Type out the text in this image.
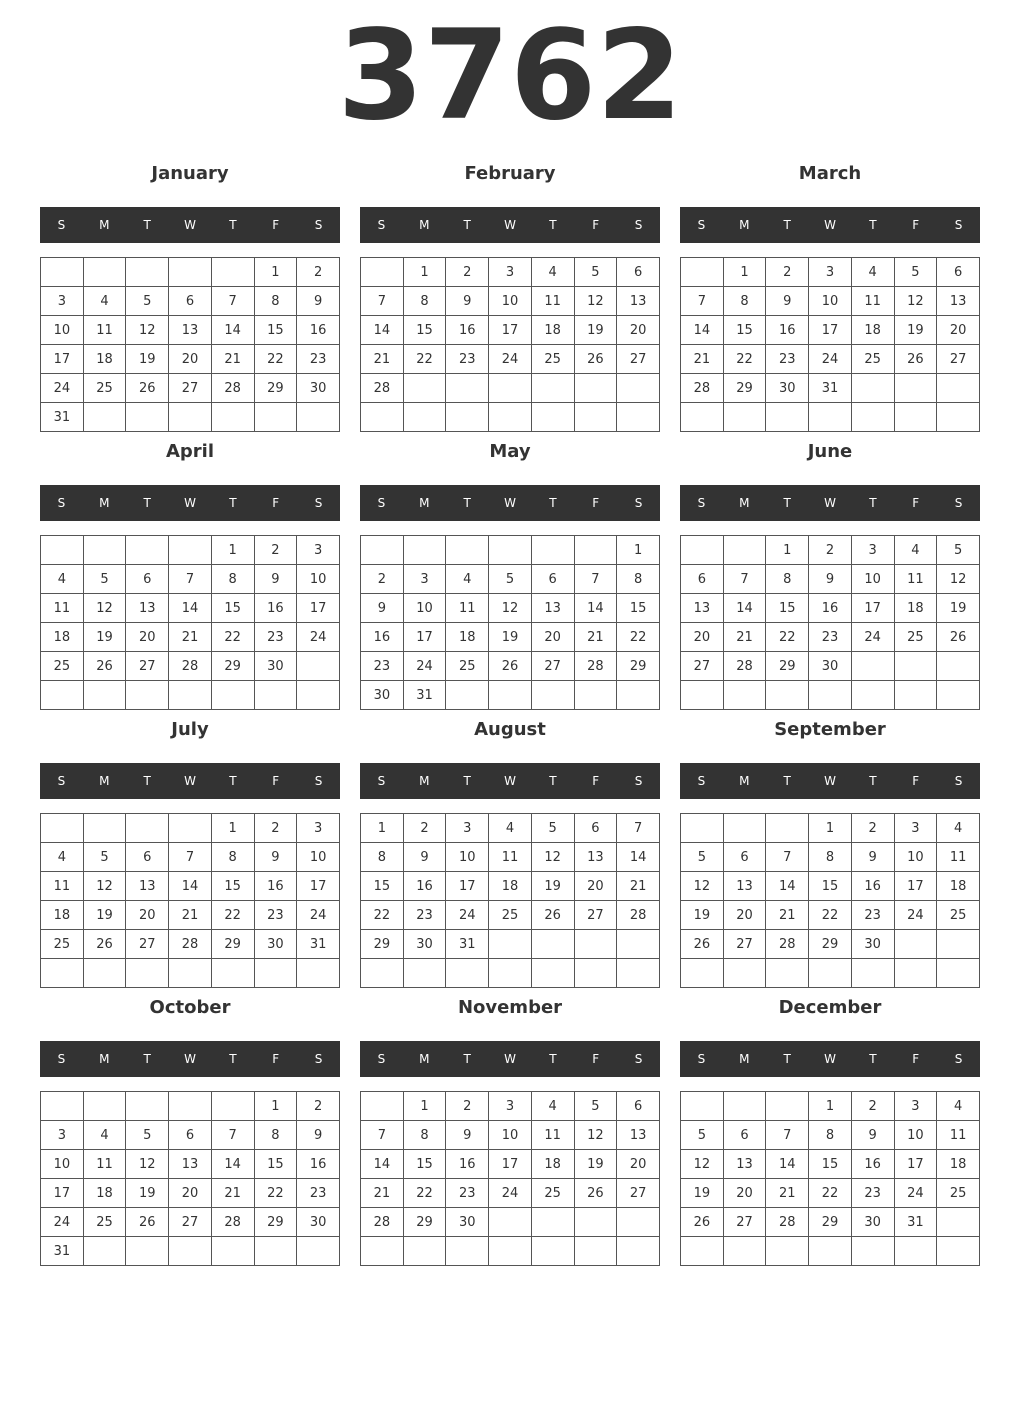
3762
January
S	M	T	W	T	F	S
					1	2
3	4	5	6	7	8	9
10	11	12	13	14	15	16
17	18	19	20	21	22	23
24	25	26	27	28	29	30
31						
February
S	M	T	W	T	F	S
	1	2	3	4	5	6
7	8	9	10	11	12	13
14	15	16	17	18	19	20
21	22	23	24	25	26	27
28						

March
S	M	T	W	T	F	S
	1	2	3	4	5	6
7	8	9	10	11	12	13
14	15	16	17	18	19	20
21	22	23	24	25	26	27
28	29	30	31			

April
S	M	T	W	T	F	S
				1	2	3
4	5	6	7	8	9	10
11	12	13	14	15	16	17
18	19	20	21	22	23	24
25	26	27	28	29	30	

May
S	M	T	W	T	F	S
						1
2	3	4	5	6	7	8
9	10	11	12	13	14	15
16	17	18	19	20	21	22
23	24	25	26	27	28	29
30	31					
June
S	M	T	W	T	F	S
		1	2	3	4	5
6	7	8	9	10	11	12
13	14	15	16	17	18	19
20	21	22	23	24	25	26
27	28	29	30			

July
S	M	T	W	T	F	S
				1	2	3
4	5	6	7	8	9	10
11	12	13	14	15	16	17
18	19	20	21	22	23	24
25	26	27	28	29	30	31

August
S	M	T	W	T	F	S
1	2	3	4	5	6	7
8	9	10	11	12	13	14
15	16	17	18	19	20	21
22	23	24	25	26	27	28
29	30	31				

September
S	M	T	W	T	F	S
			1	2	3	4
5	6	7	8	9	10	11
12	13	14	15	16	17	18
19	20	21	22	23	24	25
26	27	28	29	30		

October
S	M	T	W	T	F	S
					1	2
3	4	5	6	7	8	9
10	11	12	13	14	15	16
17	18	19	20	21	22	23
24	25	26	27	28	29	30
31						
November
S	M	T	W	T	F	S
	1	2	3	4	5	6
7	8	9	10	11	12	13
14	15	16	17	18	19	20
21	22	23	24	25	26	27
28	29	30				

December
S	M	T	W	T	F	S
			1	2	3	4
5	6	7	8	9	10	11
12	13	14	15	16	17	18
19	20	21	22	23	24	25
26	27	28	29	30	31	
